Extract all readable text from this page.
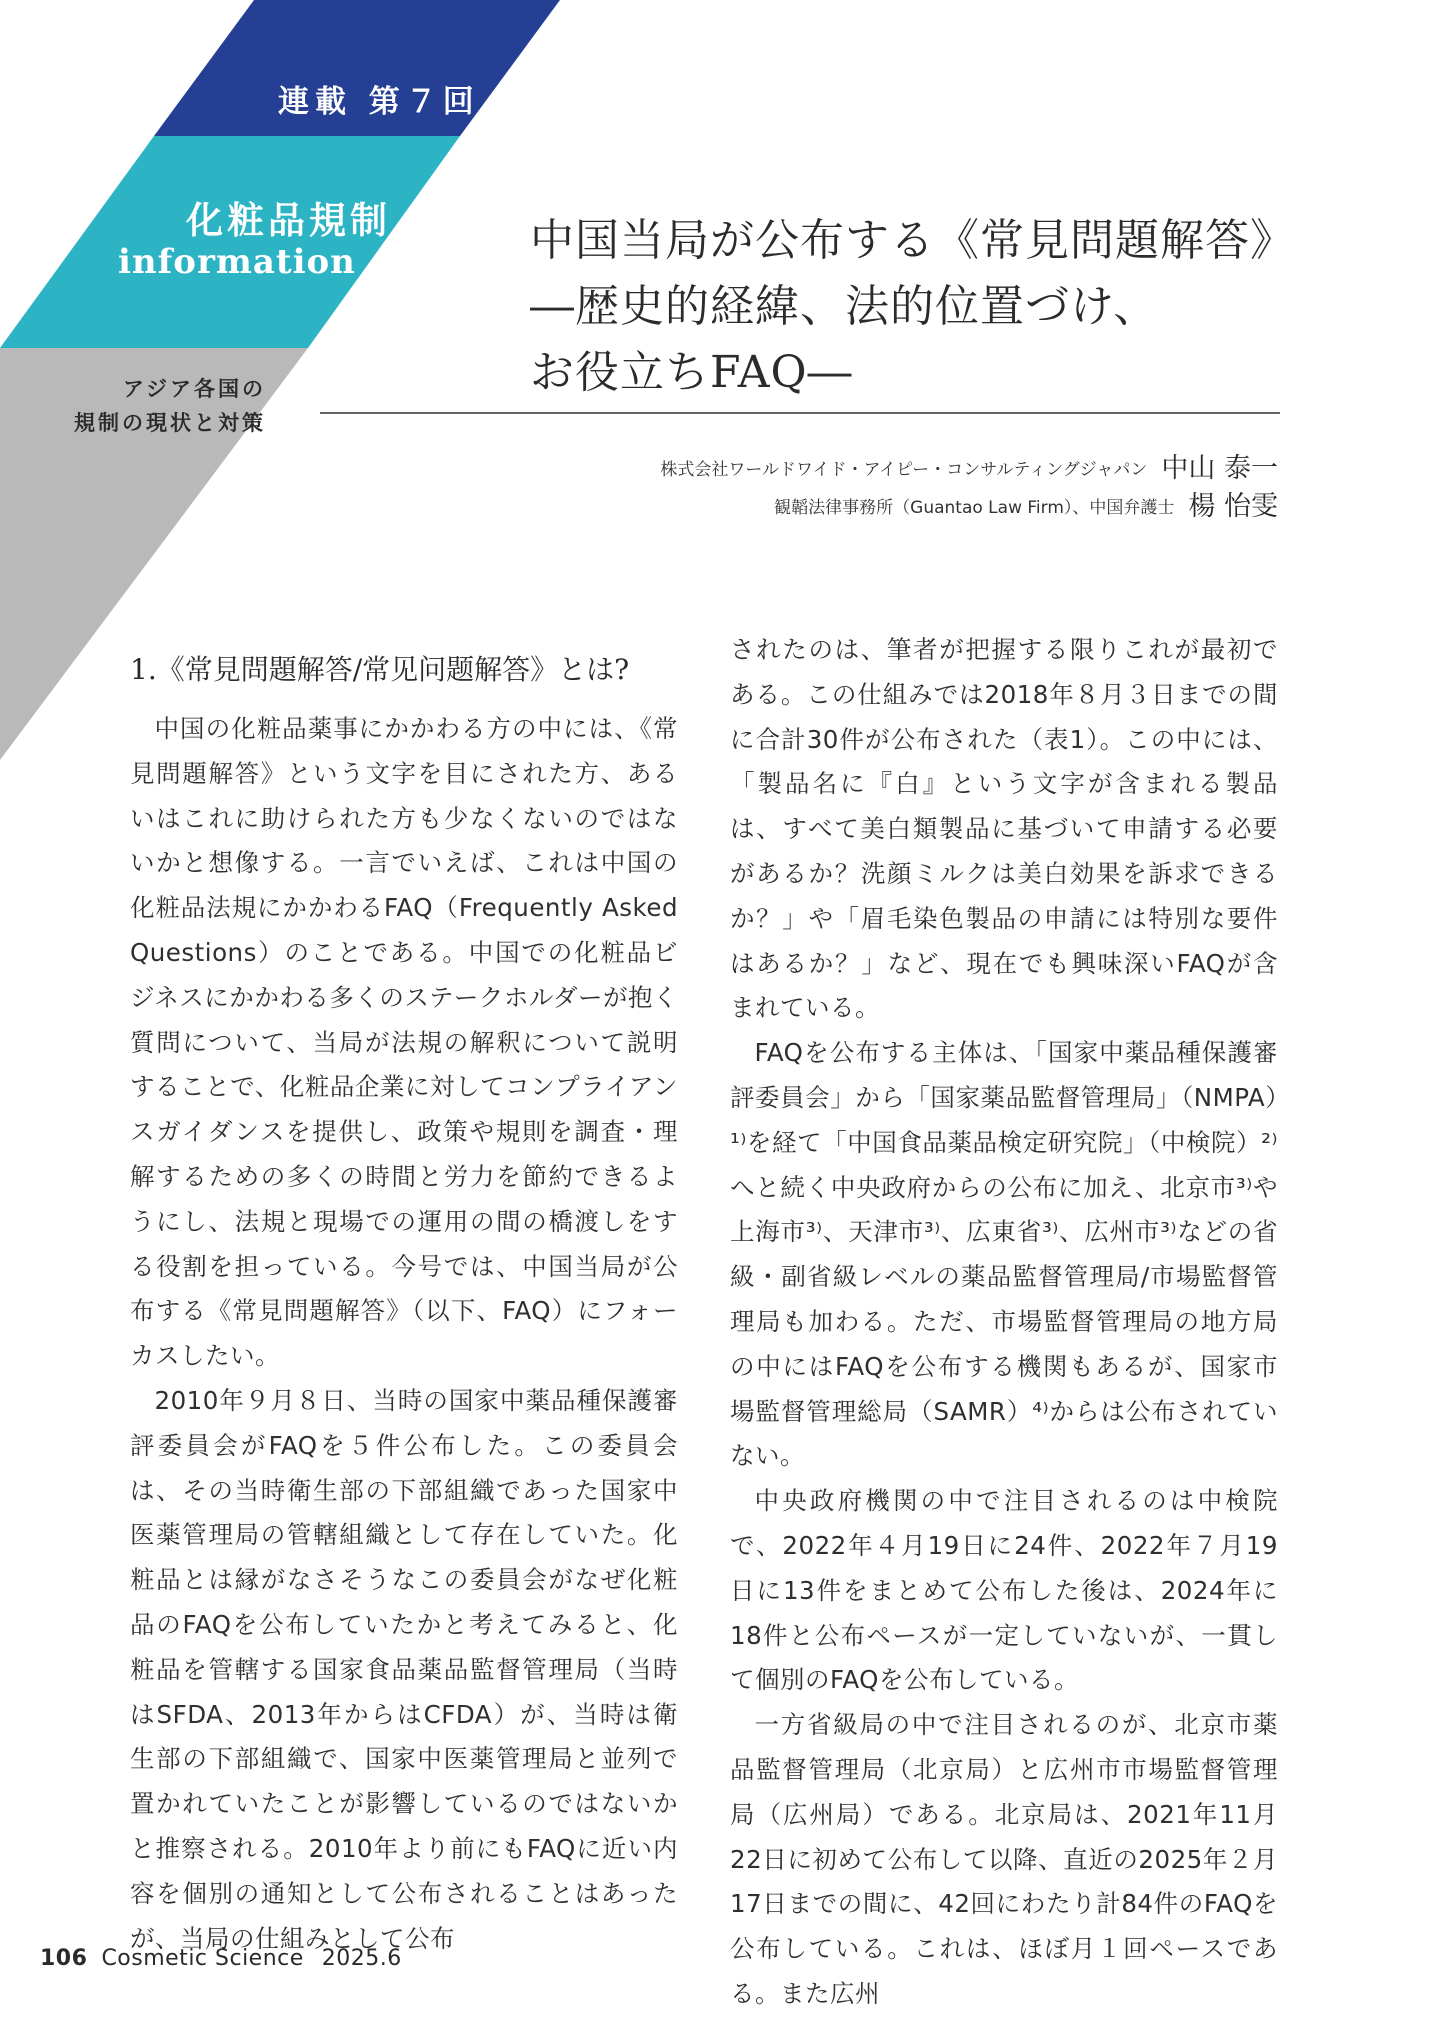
連載 第７回
化粧品規制
information
アジア各国の
規制の現状と対策
中国当局が公布する《常見問題解答》
―歴史的経緯、法的位置づけ、
お役立ちFAQ―
株式会社ワールドワイド・アイピー・コンサルティングジャパン 中山 泰一
観韜法律事務所（Guantao Law Firm）、中国弁護士 楊 怡雯
1.《常見問題解答/常见问题解答》とは?

中国の化粧品薬事にかかわる方の中には、《常見問題解答》という文字を目にされた方、あるいはこれに助けられた方も少なくないのではないかと想像する。一言でいえば、これは中国の化粧品法規にかかわるFAQ（Frequently Asked Questions）のことである。中国での化粧品ビジネスにかかわる多くのステークホルダーが抱く質問について、当局が法規の解釈について説明することで、化粧品企業に対してコンプライアンスガイダンスを提供し、政策や規則を調査・理解するための多くの時間と労力を節約できるようにし、法規と現場での運用の間の橋渡しをする役割を担っている。今号では、中国当局が公布する《常見問題解答》（以下、FAQ）にフォーカスしたい。

2010年９月８日、当時の国家中薬品種保護審評委員会がFAQを５件公布した。この委員会は、その当時衛生部の下部組織であった国家中医薬管理局の管轄組織として存在していた。化粧品とは縁がなさそうなこの委員会がなぜ化粧品のFAQを公布していたかと考えてみると、化粧品を管轄する国家食品薬品監督管理局（当時はSFDA、2013年からはCFDA）が、当時は衛生部の下部組織で、国家中医薬管理局と並列で置かれていたことが影響しているのではないかと推察される。2010年より前にもFAQに近い内容を個別の通知として公布されることはあったが、当局の仕組みとして公布

されたのは、筆者が把握する限りこれが最初である。この仕組みでは2018年８月３日までの間に合計30件が公布された（表1）。この中には、「製品名に『白』という文字が含まれる製品は、すべて美白類製品に基づいて申請する必要があるか？洗顔ミルクは美白効果を訴求できるか？」や「眉毛染色製品の申請には特別な要件はあるか？」など、現在でも興味深いFAQが含まれている。

FAQを公布する主体は、「国家中薬品種保護審評委員会」から「国家薬品監督管理局」（NMPA）¹⁾を経て「中国食品薬品検定研究院」（中検院）²⁾へと続く中央政府からの公布に加え、北京市³⁾や上海市³⁾、天津市³⁾、広東省³⁾、広州市³⁾などの省級・副省級レベルの薬品監督管理局/市場監督管理局も加わる。ただ、市場監督管理局の地方局の中にはFAQを公布する機関もあるが、国家市場監督管理総局（SAMR）⁴⁾からは公布されていない。

中央政府機関の中で注目されるのは中検院で、2022年４月19日に24件、2022年７月19日に13件をまとめて公布した後は、2024年に18件と公布ペースが一定していないが、一貫して個別のFAQを公布している。

一方省級局の中で注目されるのが、北京市薬品監督管理局（北京局）と広州市市場監督管理局（広州局）である。北京局は、2021年11月22日に初めて公布して以降、直近の2025年２月17日までの間に、42回にわたり計84件のFAQを公布している。これは、ほぼ月１回ペースである。また広州

106 Cosmetic Science 2025.6
